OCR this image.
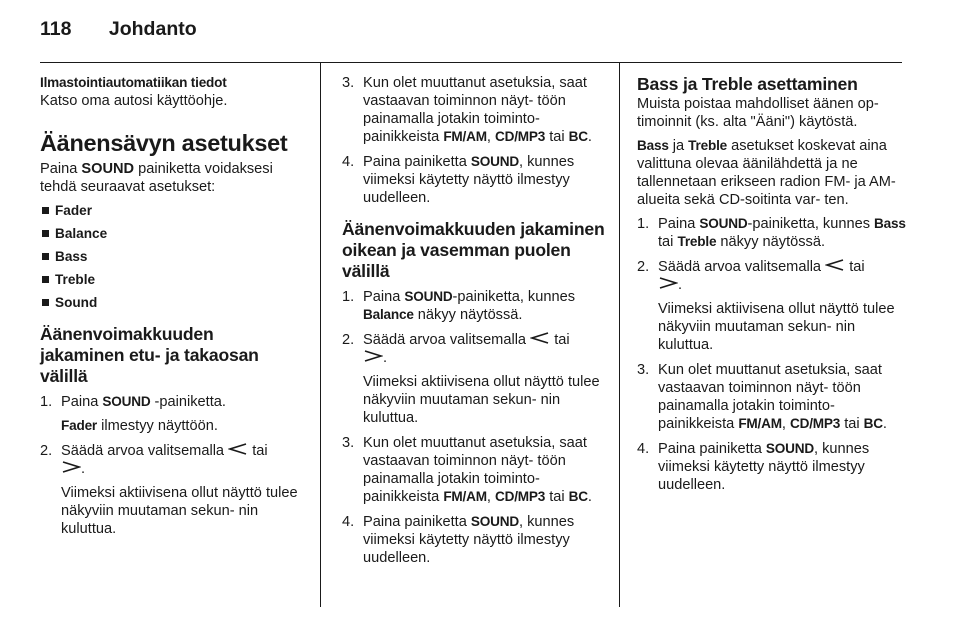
118 Johdanto

Ilmastointiautomatiikan tiedot

Katso oma autosi käyttöohje.

Äänensävyn asetukset

Paina SOUND painiketta voidaksesi tehdä seuraavat asetukset:

Fader
Balance
Bass
Treble
Sound
Äänenvoimakkuuden jakaminen etu- ja takaosan välillä
1. Paina SOUND -painiketta.
Fader ilmestyy näyttöön.
2. Säädä arvoa valitsemalla tai
.
Viimeksi aktiivisena ollut näyttö tulee näkyviin muutaman sekun- nin kuluttua.
3. Kun olet muuttanut asetuksia, saat vastaavan toiminnon näyt- töön painamalla jotakin toiminto- painikkeista FM/AM, CD/MP3 tai BC.
4. Paina painiketta SOUND, kunnes viimeksi käytetty näyttö ilmestyy uudelleen.
Äänenvoimakkuuden jakaminen oikean ja vasemman puolen välillä
1. Paina SOUND-painiketta, kunnes Balance näkyy näytössä.
2. Säädä arvoa valitsemalla tai
.
Viimeksi aktiivisena ollut näyttö tulee näkyviin muutaman sekun- nin kuluttua.
3. Kun olet muuttanut asetuksia, saat vastaavan toiminnon näyt- töön painamalla jotakin toiminto- painikkeista FM/AM, CD/MP3 tai BC.
4. Paina painiketta SOUND, kunnes viimeksi käytetty näyttö ilmestyy uudelleen.
Bass ja Treble asettaminen

Muista poistaa mahdolliset äänen op- timoinnit (ks. alta "Ääni") käytöstä.

Bass ja Treble asetukset koskevat aina valittuna olevaa äänilähdettä ja ne tallennetaan erikseen radion FM- ja AM-alueita sekä CD-soitinta var- ten.

1. Paina SOUND-painiketta, kunnes Bass tai Treble näkyy näytössä.
2. Säädä arvoa valitsemalla tai
.
Viimeksi aktiivisena ollut näyttö tulee näkyviin muutaman sekun- nin kuluttua.
3. Kun olet muuttanut asetuksia, saat vastaavan toiminnon näyt- töön painamalla jotakin toiminto- painikkeista FM/AM, CD/MP3 tai BC.
4. Paina painiketta SOUND, kunnes viimeksi käytetty näyttö ilmestyy uudelleen.
